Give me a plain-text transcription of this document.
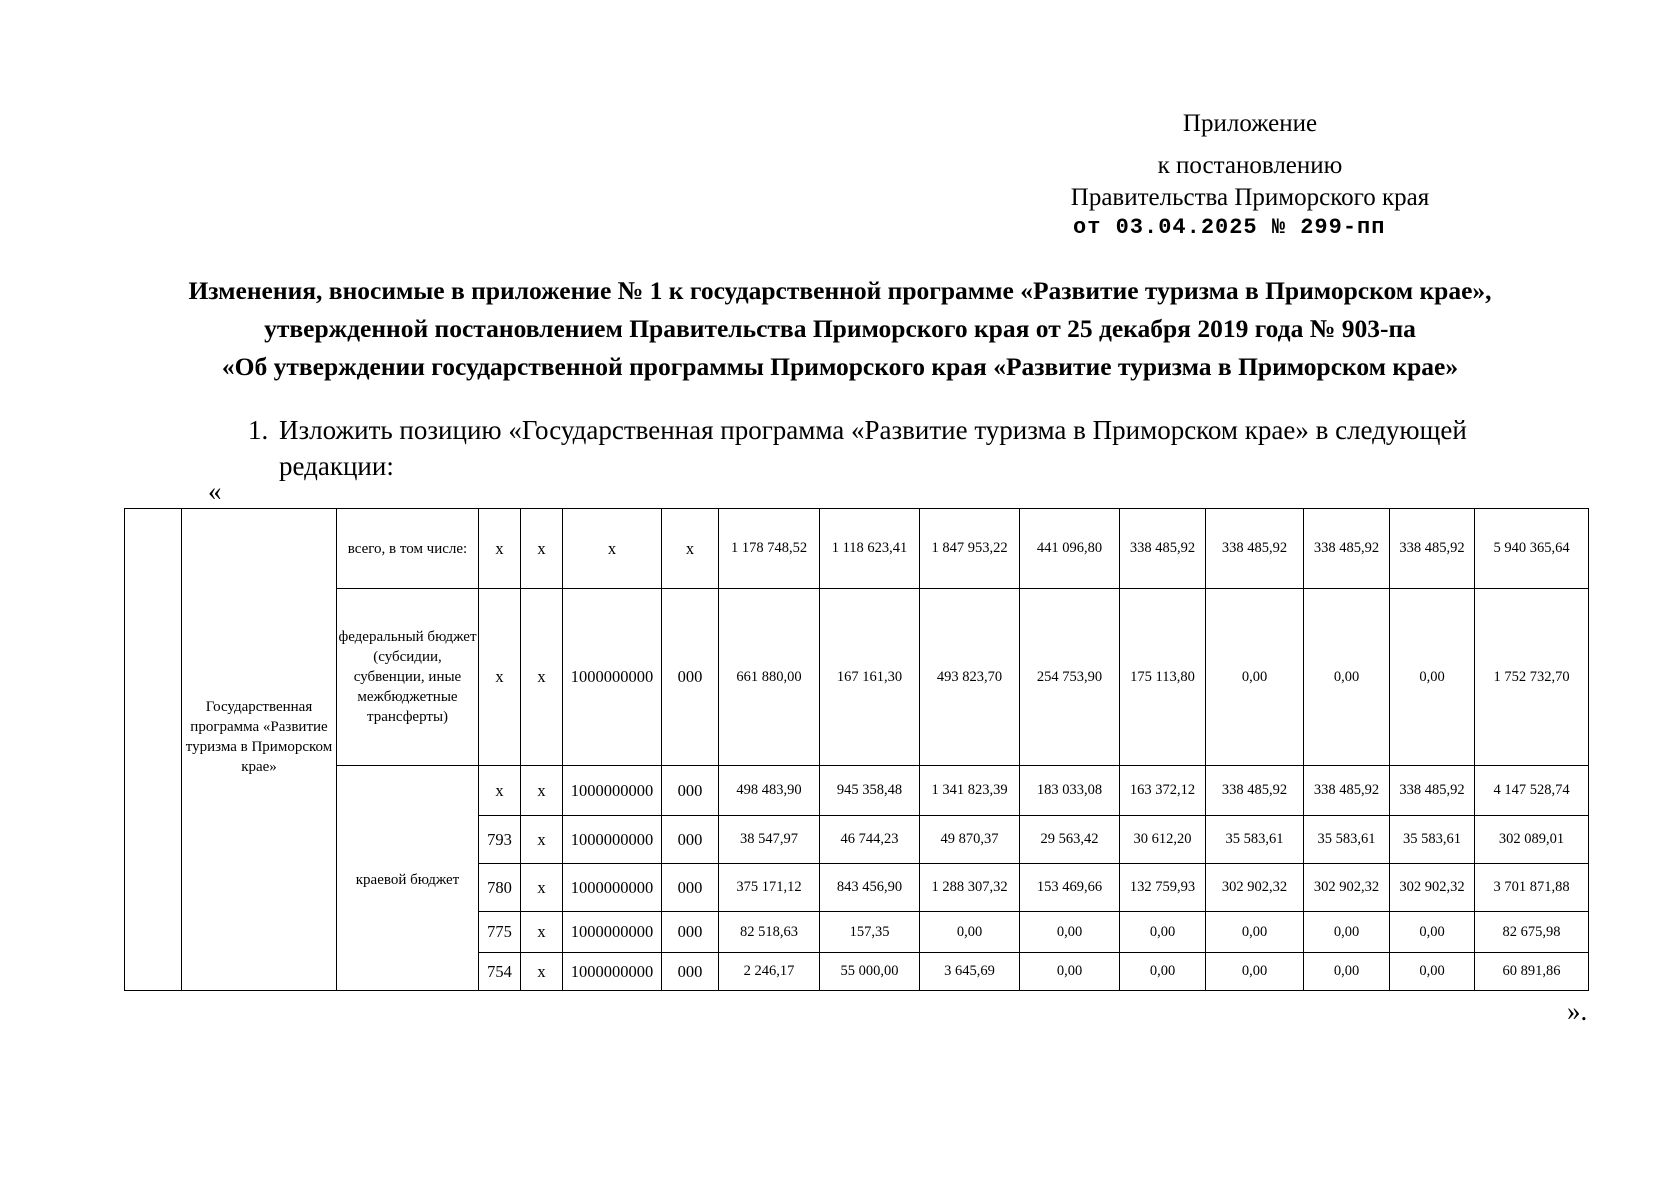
Приложение
к постановлению
Правительства Приморского края
от 03.04.2025 № 299-пп
Изменения, вносимые в приложение № 1 к государственной программе «Развитие туризма в Приморском крае»,
утвержденной постановлением Правительства Приморского края от 25 декабря 2019 года № 903-па
«Об утверждении государственной программы Приморского края «Развитие туризма в Приморском крае»
1. Изложить позицию «Государственная программа «Развитие туризма в Приморском крае» в следующей редакции:
«
	Государственная программа «Развитие туризма в Приморском крае»	всего, в том числе:	x	x	x	x	1 178 748,52	1 118 623,41	1 847 953,22	441 096,80	338 485,92	338 485,92	338 485,92	338 485,92	5 940 365,64
		федеральный бюджет (субсидии, субвенции, иные межбюджетные трансферты)	x	x	1000000000	000	661 880,00	167 161,30	493 823,70	254 753,90	175 113,80	0,00	0,00	0,00	1 752 732,70
		краевой бюджет	x	x	1000000000	000	498 483,90	945 358,48	1 341 823,39	183 033,08	163 372,12	338 485,92	338 485,92	338 485,92	4 147 528,74
			793	x	1000000000	000	38 547,97	46 744,23	49 870,37	29 563,42	30 612,20	35 583,61	35 583,61	35 583,61	302 089,01
			780	x	1000000000	000	375 171,12	843 456,90	1 288 307,32	153 469,66	132 759,93	302 902,32	302 902,32	302 902,32	3 701 871,88
			775	x	1000000000	000	82 518,63	157,35	0,00	0,00	0,00	0,00	0,00	0,00	82 675,98
			754	x	1000000000	000	2 246,17	55 000,00	3 645,69	0,00	0,00	0,00	0,00	0,00	60 891,86
».
